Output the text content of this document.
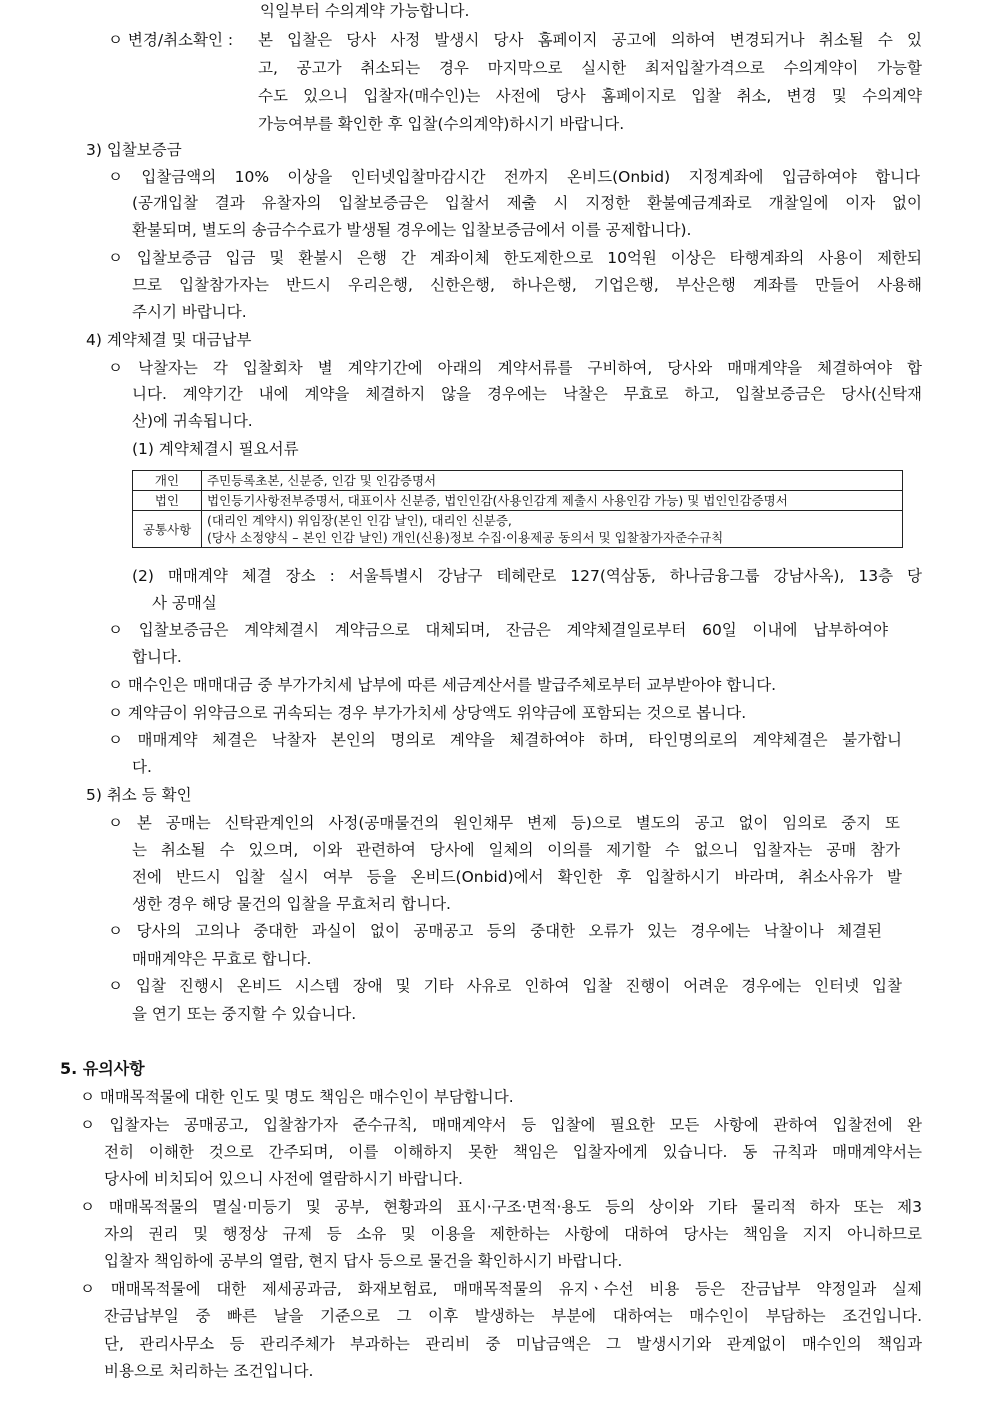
익일부터 수의계약 가능합니다.
ㅇ 변경/취소확인 : 본 입찰은 당사 사정 발생시 당사 홈페이지 공고에 의하여 변경되거나 취소될 수 있
고, 공고가 취소되는 경우 마지막으로 실시한 최저입찰가격으로 수의계약이 가능할
수도 있으니 입찰자(매수인)는 사전에 당사 홈페이지로 입찰 취소, 변경 및 수의계약
가능여부를 확인한 후 입찰(수의계약)하시기 바랍니다.
3) 입찰보증금
ㅇ 입찰금액의 10% 이상을 인터넷입찰마감시간 전까지 온비드(Onbid) 지정계좌에 입금하여야 합니다
(공개입찰 결과 유찰자의 입찰보증금은 입찰서 제출 시 지정한 환불예금계좌로 개찰일에 이자 없이
환불되며, 별도의 송금수수료가 발생될 경우에는 입찰보증금에서 이를 공제합니다).
ㅇ 입찰보증금 입금 및 환불시 은행 간 계좌이체 한도제한으로 10억원 이상은 타행계좌의 사용이 제한되
므로 입찰참가자는 반드시 우리은행, 신한은행, 하나은행, 기업은행, 부산은행 계좌를 만들어 사용해
주시기 바랍니다.
4) 계약체결 및 대금납부
ㅇ 낙찰자는 각 입찰회차 별 계약기간에 아래의 계약서류를 구비하여, 당사와 매매계약을 체결하여야 합
니다. 계약기간 내에 계약을 체결하지 않을 경우에는 낙찰은 무효로 하고, 입찰보증금은 당사(신탁재
산)에 귀속됩니다.
(1) 계약체결시 필요서류
개인	주민등록초본, 신분증, 인감 및 인감증명서
법인	법인등기사항전부증명서, 대표이사 신분증, 법인인감(사용인감계 제출시 사용인감 가능) 및 법인인감증명서
공통사항	(대리인 계약시) 위임장(본인 인감 날인), 대리인 신분증,
(당사 소정양식 – 본인 인감 날인) 개인(신용)정보 수집·이용제공 동의서 및 입찰참가자준수규칙
(2) 매매계약 체결 장소 : 서울특별시 강남구 테헤란로 127(역삼동, 하나금융그룹 강남사옥), 13층 당
사 공매실
ㅇ 입찰보증금은 계약체결시 계약금으로 대체되며, 잔금은 계약체결일로부터 60일 이내에 납부하여야
합니다.
ㅇ 매수인은 매매대금 중 부가가치세 납부에 따른 세금계산서를 발급주체로부터 교부받아야 합니다.
ㅇ 계약금이 위약금으로 귀속되는 경우 부가가치세 상당액도 위약금에 포함되는 것으로 봅니다.
ㅇ 매매계약 체결은 낙찰자 본인의 명의로 계약을 체결하여야 하며, 타인명의로의 계약체결은 불가합니
다.
5) 취소 등 확인
ㅇ 본 공매는 신탁관계인의 사정(공매물건의 원인채무 변제 등)으로 별도의 공고 없이 임의로 중지 또
는 취소될 수 있으며, 이와 관련하여 당사에 일체의 이의를 제기할 수 없으니 입찰자는 공매 참가
전에 반드시 입찰 실시 여부 등을 온비드(Onbid)에서 확인한 후 입찰하시기 바라며, 취소사유가 발
생한 경우 해당 물건의 입찰을 무효처리 합니다.
ㅇ 당사의 고의나 중대한 과실이 없이 공매공고 등의 중대한 오류가 있는 경우에는 낙찰이나 체결된
매매계약은 무효로 합니다.
ㅇ 입찰 진행시 온비드 시스템 장애 및 기타 사유로 인하여 입찰 진행이 어려운 경우에는 인터넷 입찰
을 연기 또는 중지할 수 있습니다.
5. 유의사항
ㅇ 매매목적물에 대한 인도 및 명도 책임은 매수인이 부담합니다.
ㅇ 입찰자는 공매공고, 입찰참가자 준수규칙, 매매계약서 등 입찰에 필요한 모든 사항에 관하여 입찰전에 완
전히 이해한 것으로 간주되며, 이를 이해하지 못한 책임은 입찰자에게 있습니다. 동 규칙과 매매계약서는
당사에 비치되어 있으니 사전에 열람하시기 바랍니다.
ㅇ 매매목적물의 멸실·미등기 및 공부, 현황과의 표시·구조·면적·용도 등의 상이와 기타 물리적 하자 또는 제3
자의 권리 및 행정상 규제 등 소유 및 이용을 제한하는 사항에 대하여 당사는 책임을 지지 아니하므로
입찰자 책임하에 공부의 열람, 현지 답사 등으로 물건을 확인하시기 바랍니다.
ㅇ 매매목적물에 대한 제세공과금, 화재보험료, 매매목적물의 유지ㆍ수선 비용 등은 잔금납부 약정일과 실제
잔금납부일 중 빠른 날을 기준으로 그 이후 발생하는 부분에 대하여는 매수인이 부담하는 조건입니다.
단, 관리사무소 등 관리주체가 부과하는 관리비 중 미납금액은 그 발생시기와 관계없이 매수인의 책임과
비용으로 처리하는 조건입니다.
